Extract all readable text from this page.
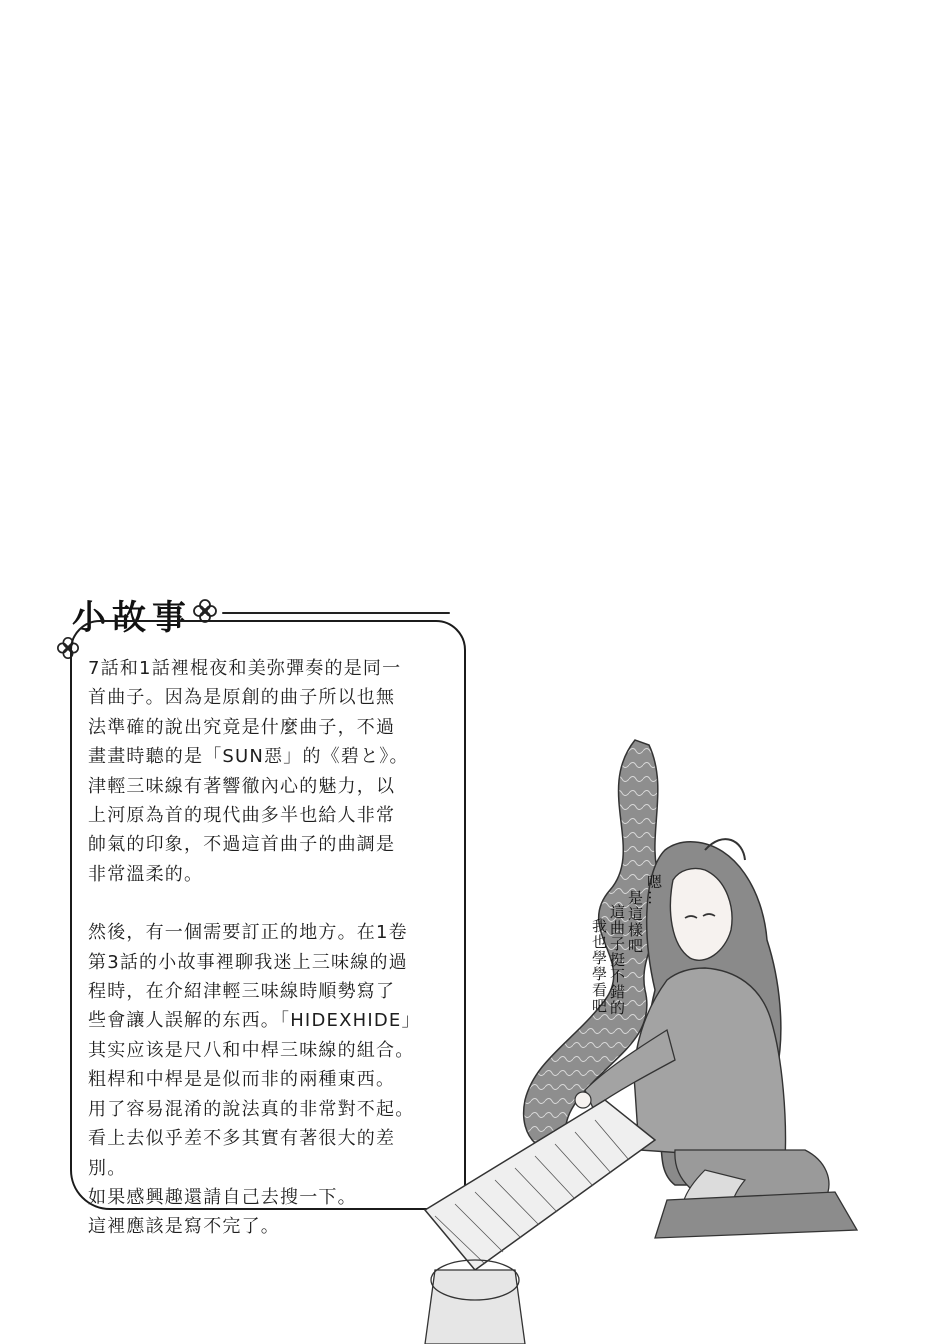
小故事

7話和1話裡棍夜和美弥彈奏的是同一
首曲子。因為是原創的曲子所以也無
法準確的說出究竟是什麼曲子，不過
畫畫時聽的是「SUN惡」的《碧と》。
津輕三味線有著響徹內心的魅力，以
上河原為首的現代曲多半也給人非常
帥氣的印象，不過這首曲子的曲調是
非常溫柔的。

然後，有一個需要訂正的地方。在1卷
第3話的小故事裡聊我迷上三味線的過
程時，在介紹津輕三味線時順勢寫了
些會讓人誤解的东西。「HIDEXHIDE」
其实应该是尺八和中桿三味線的組合。
粗桿和中桿是是似而非的兩種東西。
用了容易混淆的說法真的非常對不起。
看上去似乎差不多其實有著很大的差
別。
如果感興趣還請自己去搜一下。
這裡應該是寫不完了。

嗯…
是這樣吧
這曲子挺不錯的
我也學學看吧
